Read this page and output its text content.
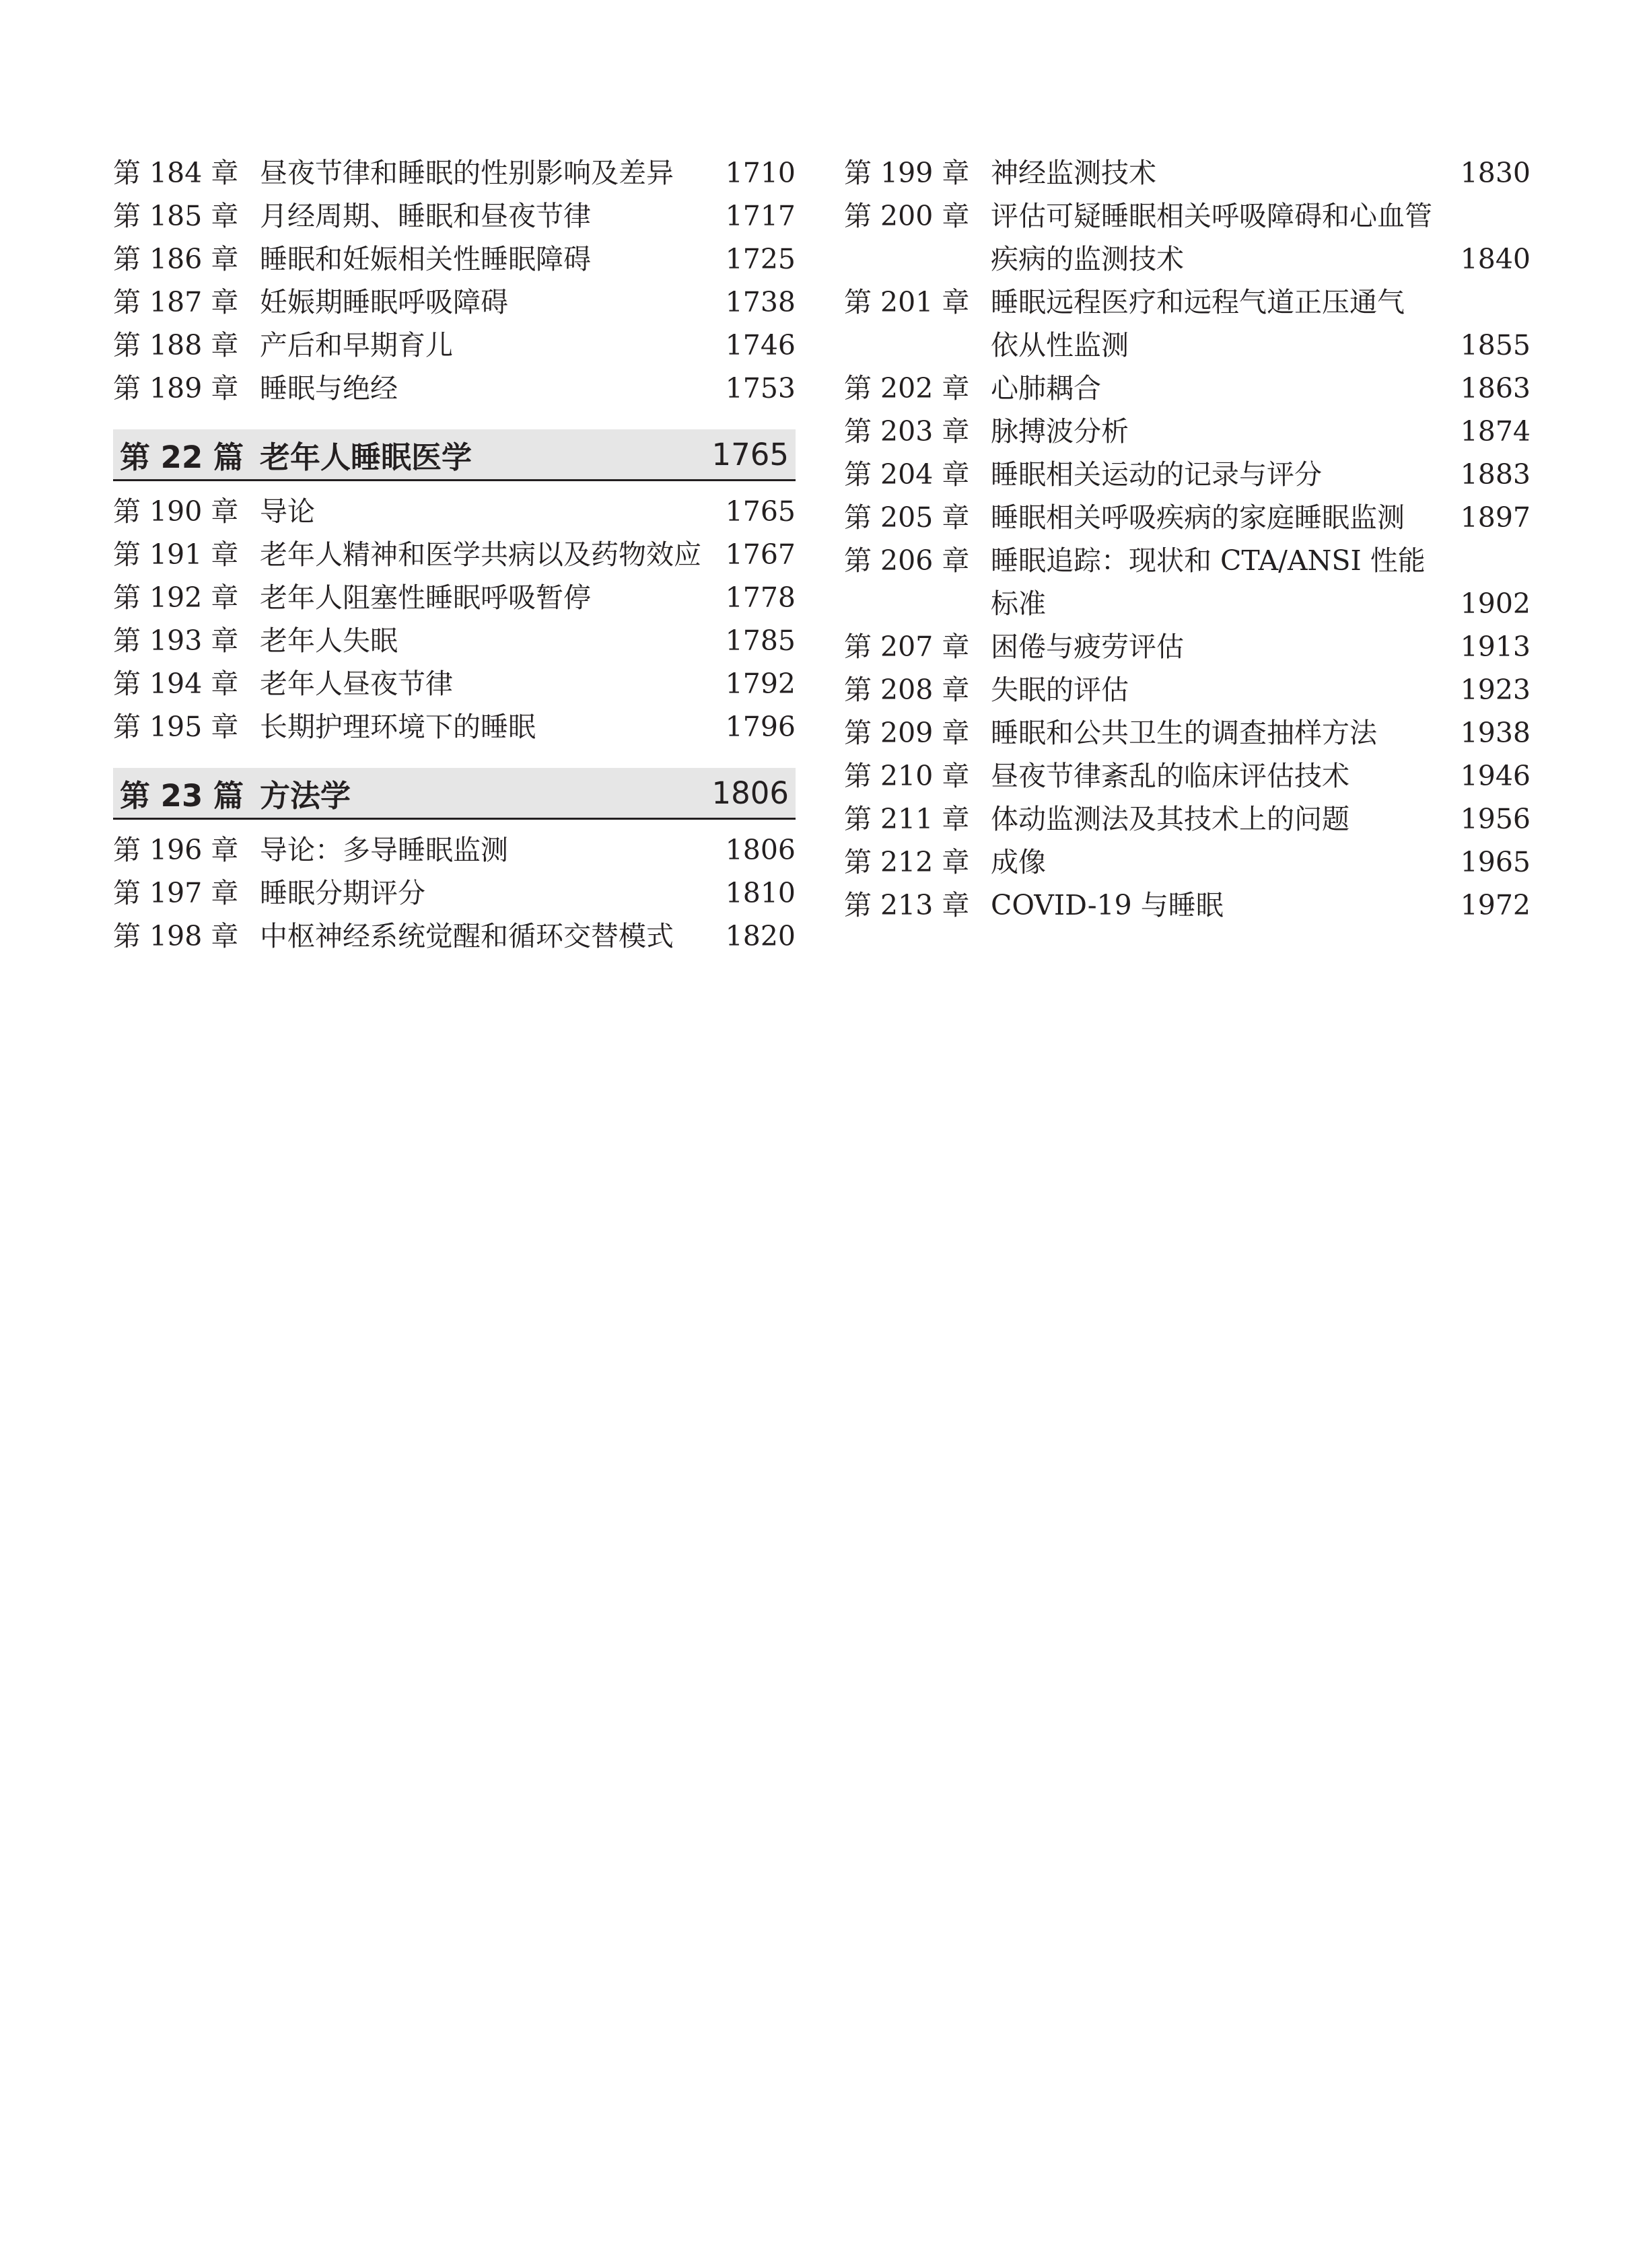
第 184 章 昼夜节律和睡眠的性别影响及差异	1710
第 185 章 月经周期、睡眠和昼夜节律	1717
第 186 章 睡眠和妊娠相关性睡眠障碍	1725
第 187 章 妊娠期睡眠呼吸障碍	1738
第 188 章 产后和早期育儿	1746
第 189 章 睡眠与绝经	1753
第 22 篇 老年人睡眠医学	1765
第 190 章 导论	1765
第 191 章 老年人精神和医学共病以及药物效应 1767
第 192 章 老年人阻塞性睡眠呼吸暂停	1778
第 193 章 老年人失眠	1785
第 194 章 老年人昼夜节律	1792
第 195 章 长期护理环境下的睡眠	1796
第 23 篇 方法学	1806
第 196 章 导论：多导睡眠监测	1806
第 197 章 睡眠分期评分	1810
第 198 章 中枢神经系统觉醒和循环交替模式	1820
第 199 章 神经监测技术	1830
第 200 章 评估可疑睡眠相关呼吸障碍和心血管
疾病的监测技术	1840
第 201 章 睡眠远程医疗和远程气道正压通气
依从性监测	1855
第 202 章 心肺耦合	1863
第 203 章 脉搏波分析	1874
第 204 章 睡眠相关运动的记录与评分	1883
第 205 章 睡眠相关呼吸疾病的家庭睡眠监测	1897
第 206 章 睡眠追踪：现状和 CTA/ANSI 性能
标准	1902
第 207 章 困倦与疲劳评估	1913
第 208 章 失眠的评估	1923
第 209 章 睡眠和公共卫生的调查抽样方法	1938
第 210 章 昼夜节律紊乱的临床评估技术	1946
第 211 章 体动监测法及其技术上的问题	1956
第 212 章 成像	1965
第 213 章 COVID-19 与睡眠	1972
